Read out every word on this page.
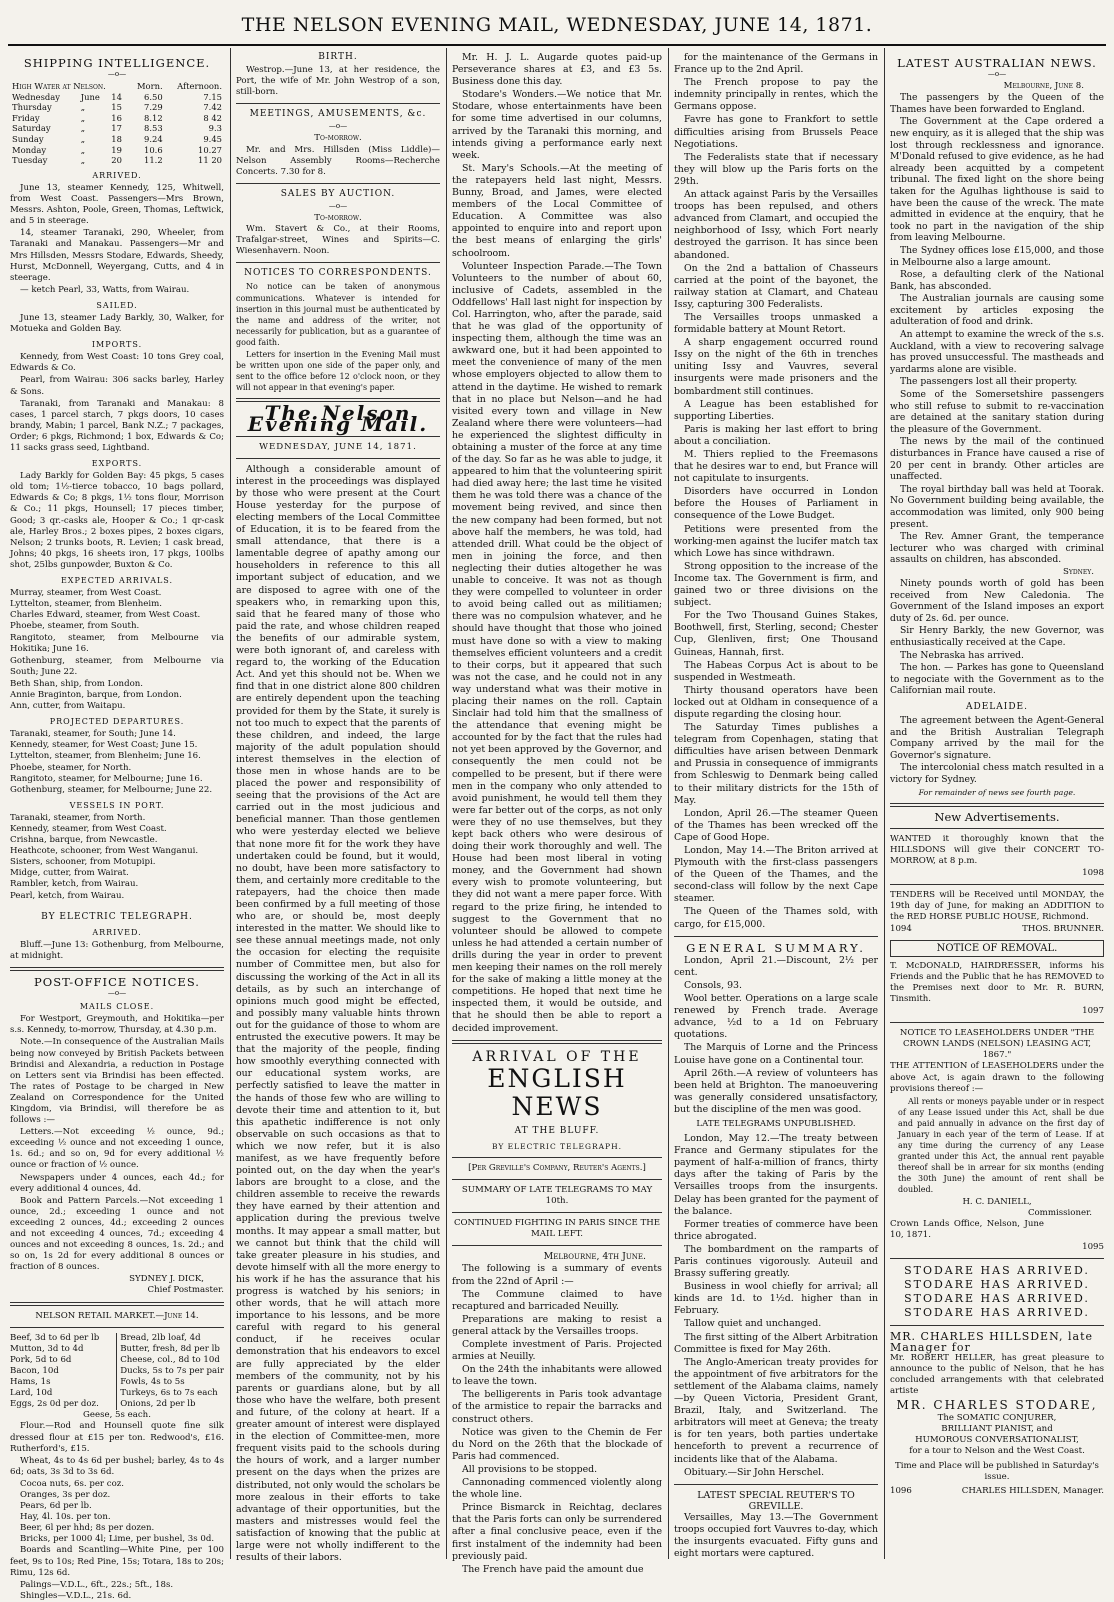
THE NELSON EVENING MAIL, WEDNESDAY, JUNE 14, 1871.
SHIPPING INTELLIGENCE.
—o—
High Water at Nelson.			Morn.	Afternoon.
Wednesday	June	14	6.50	7.15
Thursday	„	15	7.29	7.42
Friday	„	16	8.12	8 42
Saturday	„	17	8.53	9.3
Sunday	„	18	9.24	9.45
Monday	„	19	10.6	10.27
Tuesday	„	20	11.2	11 20
ARRIVED.
June 13, steamer Kennedy, 125, Whitwell, from West Coast. Passengers—Mrs Brown, Messrs. Ashton, Poole, Green, Thomas, Leftwick, and 5 in steerage.
14, steamer Taranaki, 290, Wheeler, from Taranaki and Manakau. Passengers—Mr and Mrs Hillsden, Messrs Stodare, Edwards, Sheedy, Hurst, McDonnell, Weyergang, Cutts, and 4 in steerage.
— ketch Pearl, 33, Watts, from Wairau.
SAILED.
June 13, steamer Lady Barkly, 30, Walker, for Motueka and Golden Bay.
IMPORTS.
Kennedy, from West Coast: 10 tons Grey coal, Edwards & Co.
Pearl, from Wairau: 306 sacks barley, Harley & Sons.
Taranaki, from Taranaki and Manakau: 8 cases, 1 parcel starch, 7 pkgs doors, 10 cases brandy, Mabin; 1 parcel, Bank N.Z.; 7 packages, Order; 6 pkgs, Richmond; 1 box, Edwards & Co; 11 sacks grass seed, Lightband.
EXPORTS.
Lady Barkly for Golden Bay: 45 pkgs, 5 cases old tom; 1½-tierce tobacco, 10 bags pollard, Edwards & Co; 8 pkgs, 1½ tons flour, Morrison & Co.; 11 pkgs, Hounsell; 17 pieces timber, Good; 3 qr.-casks ale, Hooper & Co.; 1 qr-cask ale, Harley Bros.; 2 boxes pipes, 2 boxes cigars, Nelson; 2 trunks boots, R. Levien; 1 cask bread, Johns; 40 pkgs, 16 sheets iron, 17 pkgs, 100lbs shot, 25lbs gunpowder, Buxton & Co.
EXPECTED ARRIVALS.
Murray, steamer, from West Coast.
Lyttelton, steamer, from Blenheim.
Charles Edward, steamer, from West Coast.
Phoebe, steamer, from South.
Rangitoto, steamer, from Melbourne via Hokitika; June 16.
Gothenburg, steamer, from Melbourne via South; June 22.
Beth Shan, ship, from London.
Annie Braginton, barque, from London.
Ann, cutter, from Waitapu.
PROJECTED DEPARTURES.
Taranaki, steamer, for South; June 14.
Kennedy, steamer, for West Coast; June 15.
Lyttelton, steamer, from Blenheim; June 16.
Phoebe, steamer, for North.
Rangitoto, steamer, for Melbourne; June 16.
Gothenburg, steamer, for Melbourne; June 22.
VESSELS IN PORT.
Taranaki, steamer, from North.
Kennedy, steamer, from West Coast.
Crishna, barque, from Newcastle.
Heathcote, schooner, from West Wanganui.
Sisters, schooner, from Motupipi.
Midge, cutter, from Wairat.
Rambler, ketch, from Wairau.
Pearl, ketch, from Wairau.
BY ELECTRIC TELEGRAPH.
ARRIVED.
Bluff.—June 13: Gothenburg, from Melbourne, at midnight.
POST-OFFICE NOTICES.
—o—
MAILS CLOSE.
For Westport, Greymouth, and Hokitika—per s.s. Kennedy, to-morrow, Thursday, at 4.30 p.m.
Note.—In consequence of the Australian Mails being now conveyed by British Packets between Brindisi and Alexandria, a reduction in Postage on Letters sent via Brindisi has been effected. The rates of Postage to be charged in New Zealand on Correspondence for the United Kingdom, via Brindisi, will therefore be as follows :—
Letters.—Not exceeding ½ ounce, 9d.; exceeding ½ ounce and not exceeding 1 ounce, 1s. 6d.; and so on, 9d for every additional ½ ounce or fraction of ½ ounce.
Newspapers under 4 ounces, each 4d.; for every additional 4 ounces, 4d.
Book and Pattern Parcels.—Not exceeding 1 ounce, 2d.; exceeding 1 ounce and not exceeding 2 ounces, 4d.; exceeding 2 ounces and not exceeding 4 ounces, 7d.; exceeding 4 ounces and not exceeding 8 ounces, 1s. 2d.; and so on, 1s 2d for every additional 8 ounces or fraction of 8 ounces.
SYDNEY J. DICK,
Chief Postmaster.
NELSON RETAIL MARKET.—June 14.
Beef, 3d to 6d per lb
Mutton, 3d to 4d
Pork, 5d to 6d
Bacon, 10d
Hams, 1s
Lard, 10d
Eggs, 2s 0d per doz.
Bread, 2lb loaf, 4d
Butter, fresh, 8d per lb
Cheese, col., 8d to 10d
Ducks, 5s to 7s per pair
Fowls, 4s to 5s
Turkeys, 6s to 7s each
Onions, 2d per lb
Geese, 5s each.
Flour.—Rod and Hounsell quote fine silk dressed flour at £15 per ton. Redwood's, £16. Rutherford's, £15.
Wheat, 4s to 4s 6d per bushel; barley, 4s to 4s 6d; oats, 3s 3d to 3s 6d.
Cocoa nuts, 6s. per coz.
Oranges, 3s per doz.
Pears, 6d per lb.
Hay, 4l. 10s. per ton.
Beer, 6l per hhd; 8s per dozen.
Bricks, per 1000 4l; Lime, per bushel, 3s 0d.
Boards and Scantling—White Pine, per 100 feet, 9s to 10s; Red Pine, 15s; Totara, 18s to 20s; Rimu, 12s 6d.
Palings—V.D.L., 6ft., 22s.; 5ft., 18s.
Shingles—V.D.L., 21s. 6d.
BIRTH.
Westrop.—June 13, at her residence, the Port, the wife of Mr. John Westrop of a son, still-born.
MEETINGS, AMUSEMENTS, &c.
—o—
To-morrow.
Mr. and Mrs. Hillsden (Miss Liddle)—Nelson Assembly Rooms—Recherche Concerts. 7.30 for 8.
SALES BY AUCTION.
—o—
To-morrow.
Wm. Stavert & Co., at their Rooms, Trafalgar-street, Wines and Spirits—C. Wiesenhavern. Noon.
NOTICES TO CORRESPONDENTS.
No notice can be taken of anonymous communications. Whatever is intended for insertion in this journal must be authenticated by the name and address of the writer, not necessarily for publication, but as a guarantee of good faith.
Letters for insertion in the Evening Mail must be written upon one side of the paper only, and sent to the office before 12 o'clock noon, or they will not appear in that evening's paper.
The Nelson Evening Mail.
WEDNESDAY, JUNE 14, 1871.
Although a considerable amount of interest in the proceedings was displayed by those who were present at the Court House yesterday for the purpose of electing members of the Local Committee of Education, it is to be feared from the small attendance, that there is a lamentable degree of apathy among our householders in reference to this all important subject of education, and we are disposed to agree with one of the speakers who, in remarking upon this, said that he feared many of those who paid the rate, and whose children reaped the benefits of our admirable system, were both ignorant of, and careless with regard to, the working of the Education Act. And yet this should not be. When we find that in one district alone 800 children are entirely dependent upon the teaching provided for them by the State, it surely is not too much to expect that the parents of these children, and indeed, the large majority of the adult population should interest themselves in the election of those men in whose hands are to be placed the power and responsibility of seeing that the provisions of the Act are carried out in the most judicious and beneficial manner. Than those gentlemen who were yesterday elected we believe that none more fit for the work they have undertaken could be found, but it would, no doubt, have been more satisfactory to them, and certainly more creditable to the ratepayers, had the choice then made been confirmed by a full meeting of those who are, or should be, most deeply interested in the matter. We should like to see these annual meetings made, not only the occasion for electing the requisite number of Committee men, but also for discussing the working of the Act in all its details, as by such an interchange of opinions much good might be effected, and possibly many valuable hints thrown out for the guidance of those to whom are entrusted the executive powers. It may be that the majority of the people, finding how smoothly everything connected with our educational system works, are perfectly satisfied to leave the matter in the hands of those few who are willing to devote their time and attention to it, but this apathetic indifference is not only observable on such occasions as that to which we now refer, but it is also manifest, as we have frequently before pointed out, on the day when the year's labors are brought to a close, and the children assemble to receive the rewards they have earned by their attention and application during the previous twelve months. It may appear a small matter, but we cannot but think that the child will take greater pleasure in his studies, and devote himself with all the more energy to his work if he has the assurance that his progress is watched by his seniors; in other words, that he will attach more importance to his lessons, and be more careful with regard to his general conduct, if he receives ocular demonstration that his endeavors to excel are fully appreciated by the elder members of the community, not by his parents or guardians alone, but by all those who have the welfare, both present and future, of the colony at heart. If a greater amount of interest were displayed in the election of Committee-men, more frequent visits paid to the schools during the hours of work, and a larger number present on the days when the prizes are distributed, not only would the scholars be more zealous in their efforts to take advantage of their opportunities, but the masters and mistresses would feel the satisfaction of knowing that the public at large were not wholly indifferent to the results of their labors.
Mr. H. J. L. Augarde quotes paid-up Perseverance shares at £3, and £3 5s. Business done this day.
Stodare's Wonders.—We notice that Mr. Stodare, whose entertainments have been for some time advertised in our columns, arrived by the Taranaki this morning, and intends giving a performance early next week.
St. Mary's Schools.—At the meeting of the ratepayers held last night, Messrs. Bunny, Broad, and James, were elected members of the Local Committee of Education. A Committee was also appointed to enquire into and report upon the best means of enlarging the girls' schoolroom.
Volunteer Inspection Parade.—The Town Volunteers to the number of about 60, inclusive of Cadets, assembled in the Oddfellows' Hall last night for inspection by Col. Harrington, who, after the parade, said that he was glad of the opportunity of inspecting them, although the time was an awkward one, but it had been appointed to meet the convenience of many of the men whose employers objected to allow them to attend in the daytime. He wished to remark that in no place but Nelson—and he had visited every town and village in New Zealand where there were volunteers—had he experienced the slightest difficulty in obtaining a muster of the force at any time of the day. So far as he was able to judge, it appeared to him that the volunteering spirit had died away here; the last time he visited them he was told there was a chance of the movement being revived, and since then the new company had been formed, but not above half the members, he was told, had attended drill. What could be the object of men in joining the force, and then neglecting their duties altogether he was unable to conceive. It was not as though they were compelled to volunteer in order to avoid being called out as militiamen; there was no compulsion whatever, and he should have thought that those who joined must have done so with a view to making themselves efficient volunteers and a credit to their corps, but it appeared that such was not the case, and he could not in any way understand what was their motive in placing their names on the roll. Captain Sinclair had told him that the smallness of the attendance that evening might be accounted for by the fact that the rules had not yet been approved by the Governor, and consequently the men could not be compelled to be present, but if there were men in the company who only attended to avoid punishment, he would tell them they were far better out of the corps, as not only were they of no use themselves, but they kept back others who were desirous of doing their work thoroughly and well. The House had been most liberal in voting money, and the Government had shown every wish to promote volunteering, but they did not want a mere paper force. With regard to the prize firing, he intended to suggest to the Government that no volunteer should be allowed to compete unless he had attended a certain number of drills during the year in order to prevent men keeping their names on the roll merely for the sake of making a little money at the competitions. He hoped that next time he inspected them, it would be outside, and that he should then be able to report a decided improvement.
ARRIVAL OF THE
ENGLISH NEWS
AT THE BLUFF.
BY ELECTRIC TELEGRAPH.
[Per Greville's Company, Reuter's Agents.]
SUMMARY OF LATE TELEGRAMS TO MAY 10th.
CONTINUED FIGHTING IN PARIS SINCE THE MAIL LEFT.
Melbourne, 4th June.
The following is a summary of events from the 22nd of April :—
The Commune claimed to have recaptured and barricaded Neuilly.
Preparations are making to resist a general attack by the Versailles troops.
Complete investment of Paris. Projected armies at Neuilly.
On the 24th the inhabitants were allowed to leave the town.
The belligerents in Paris took advantage of the armistice to repair the barracks and construct others.
Notice was given to the Chemin de Fer du Nord on the 26th that the blockade of Paris had commenced.
All provisions to be stopped.
Cannonading commenced violently along the whole line.
Prince Bismarck in Reichtag, declares that the Paris forts can only be surrendered after a final conclusive peace, even if the first instalment of the indemnity had been previously paid.
The French have paid the amount due
for the maintenance of the Germans in France up to the 2nd April.
The French propose to pay the indemnity principally in rentes, which the Germans oppose.
Favre has gone to Frankfort to settle difficulties arising from Brussels Peace Negotiations.
The Federalists state that if necessary they will blow up the Paris forts on the 29th.
An attack against Paris by the Versailles troops has been repulsed, and others advanced from Clamart, and occupied the neighborhood of Issy, which Fort nearly destroyed the garrison. It has since been abandoned.
On the 2nd a battalion of Chasseurs carried at the point of the bayonet, the railway station at Clamart, and Chateau Issy, capturing 300 Federalists.
The Versailles troops unmasked a formidable battery at Mount Retort.
A sharp engagement occurred round Issy on the night of the 6th in trenches uniting Issy and Vauvres, several insurgents were made prisoners and the bombardment still continues.
A League has been established for supporting Liberties.
Paris is making her last effort to bring about a conciliation.
M. Thiers replied to the Freemasons that he desires war to end, but France will not capitulate to insurgents.
Disorders have occurred in London before the Houses of Parliament in consequence of the Lowe Budget.
Petitions were presented from the working-men against the lucifer match tax which Lowe has since withdrawn.
Strong opposition to the increase of the Income tax. The Government is firm, and gained two or three divisions on the subject.
For the Two Thousand Guines Stakes, Boothwell, first, Sterling, second; Chester Cup, Glenliven, first; One Thousand Guineas, Hannah, first.
The Habeas Corpus Act is about to be suspended in Westmeath.
Thirty thousand operators have been locked out at Oldham in consequence of a dispute regarding the closing hour.
The Saturday Times publishes a telegram from Copenhagen, stating that difficulties have arisen between Denmark and Prussia in consequence of immigrants from Schleswig to Denmark being called to their military districts for the 15th of May.
London, April 26.—The steamer Queen of the Thames has been wrecked off the Cape of Good Hope.
London, May 14.—The Briton arrived at Plymouth with the first-class passengers of the Queen of the Thames, and the second-class will follow by the next Cape steamer.
The Queen of the Thames sold, with cargo, for £15,000.
GENERAL SUMMARY.
London, April 21.—Discount, 2½ per cent.
Consols, 93.
Wool better. Operations on a large scale renewed by French trade. Average advance, ½d to a 1d on February quotations.
The Marquis of Lorne and the Princess Louise have gone on a Continental tour.
April 26th.—A review of volunteers has been held at Brighton. The manoeuvering was generally considered unsatisfactory, but the discipline of the men was good.
LATE TELEGRAMS UNPUBLISHED.
London, May 12.—The treaty between France and Germany stipulates for the payment of half-a-million of francs, thirty days after the taking of Paris by the Versailles troops from the insurgents. Delay has been granted for the payment of the balance.
Former treaties of commerce have been thrice abrogated.
The bombardment on the ramparts of Paris continues vigorously. Auteuil and Brassy suffering greatly.
Business in wool chiefly for arrival; all kinds are 1d. to 1½d. higher than in February.
Tallow quiet and unchanged.
The first sitting of the Albert Arbitration Committee is fixed for May 26th.
The Anglo-American treaty provides for the appointment of five arbitrators for the settlement of the Alabama claims, namely—by Queen Victoria, President Grant, Brazil, Italy, and Switzerland. The arbitrators will meet at Geneva; the treaty is for ten years, both parties undertake henceforth to prevent a recurrence of incidents like that of the Alabama.
Obituary.—Sir John Herschel.
LATEST SPECIAL REUTER'S TO GREVILLE.
Versailles, May 13.—The Government troops occupied fort Vauvres to-day, which the insurgents evacuated. Fifty guns and eight mortars were captured.
LATEST AUSTRALIAN NEWS.
—o—
Melbourne, June 8.
The passengers by the Queen of the Thames have been forwarded to England.
The Government at the Cape ordered a new enquiry, as it is alleged that the ship was lost through recklessness and ignorance. M'Donald refused to give evidence, as he had already been acquitted by a competent tribunal. The fixed light on the shore being taken for the Agulhas lighthouse is said to have been the cause of the wreck. The mate admitted in evidence at the enquiry, that he took no part in the navigation of the ship from leaving Melbourne.
The Sydney offices lose £15,000, and those in Melbourne also a large amount.
Rose, a defaulting clerk of the National Bank, has absconded.
The Australian journals are causing some excitement by articles exposing the adulteration of food and drink.
An attempt to examine the wreck of the s.s. Auckland, with a view to recovering salvage has proved unsuccessful. The mastheads and yardarms alone are visible.
The passengers lost all their property.
Some of the Somersetshire passengers who still refuse to submit to re-vaccination are detained at the sanitary station during the pleasure of the Government.
The news by the mail of the continued disturbances in France have caused a rise of 20 per cent in brandy. Other articles are unaffected.
The royal birthday ball was held at Toorak. No Government building being available, the accommodation was limited, only 900 being present.
The Rev. Amner Grant, the temperance lecturer who was charged with criminal assaults on children, has absconded.
Sydney.
Ninety pounds worth of gold has been received from New Caledonia. The Government of the Island imposes an export duty of 2s. 6d. per ounce.
Sir Henry Barkly, the new Governor, was enthusiastically received at the Cape.
The Nebraska has arrived.
The hon. — Parkes has gone to Queensland to negociate with the Government as to the Californian mail route.
ADELAIDE.
The agreement between the Agent-General and the British Australian Telegraph Company arrived by the mail for the Governor's signature.
The intercolonial chess match resulted in a victory for Sydney.
For remainder of news see fourth page.
New Advertisements.
WANTED it thoroughly known that the HILLSDONS will give their CONCERT TO-MORROW, at 8 p.m.
1098
TENDERS will be Received until MONDAY, the 19th day of June, for making an ADDITION to the RED HORSE PUBLIC HOUSE, Richmond.
1094	THOS. BRUNNER.
NOTICE OF REMOVAL.
T. McDONALD, HAIRDRESSER, informs his Friends and the Public that he has REMOVED to the Premises next door to Mr. R. BURN, Tinsmith.
1097
NOTICE TO LEASEHOLDERS UNDER "THE CROWN LANDS (NELSON) LEASING ACT, 1867."
THE ATTENTION of LEASEHOLDERS under the above Act, is again drawn to the following provisions thereof :—
All rents or moneys payable under or in respect of any Lease issued under this Act, shall be due and paid annually in advance on the first day of January in each year of the term of Lease. If at any time during the currency of any Lease granted under this Act, the annual rent payable thereof shall be in arrear for six months (ending the 30th June) the amount of rent shall be doubled.
H. C. DANIELL,
Commissioner.
Crown Lands Office, Nelson, June 10, 1871.
1095
STODARE HAS ARRIVED.
STODARE HAS ARRIVED.
STODARE HAS ARRIVED.
STODARE HAS ARRIVED.
MR. CHARLES HILLSDEN, late Manager for
Mr. ROBERT HELLER, has great pleasure to announce to the public of Nelson, that he has concluded arrangements with that celebrated artiste
MR. CHARLES STODARE,
The SOMATIC CONJURER,
BRILLIANT PIANIST, and
HUMOROUS CONVERSATIONALIST,
for a tour to Nelson and the West Coast.
Time and Place will be published in Saturday's issue.
1096	CHARLES HILLSDEN, Manager.
